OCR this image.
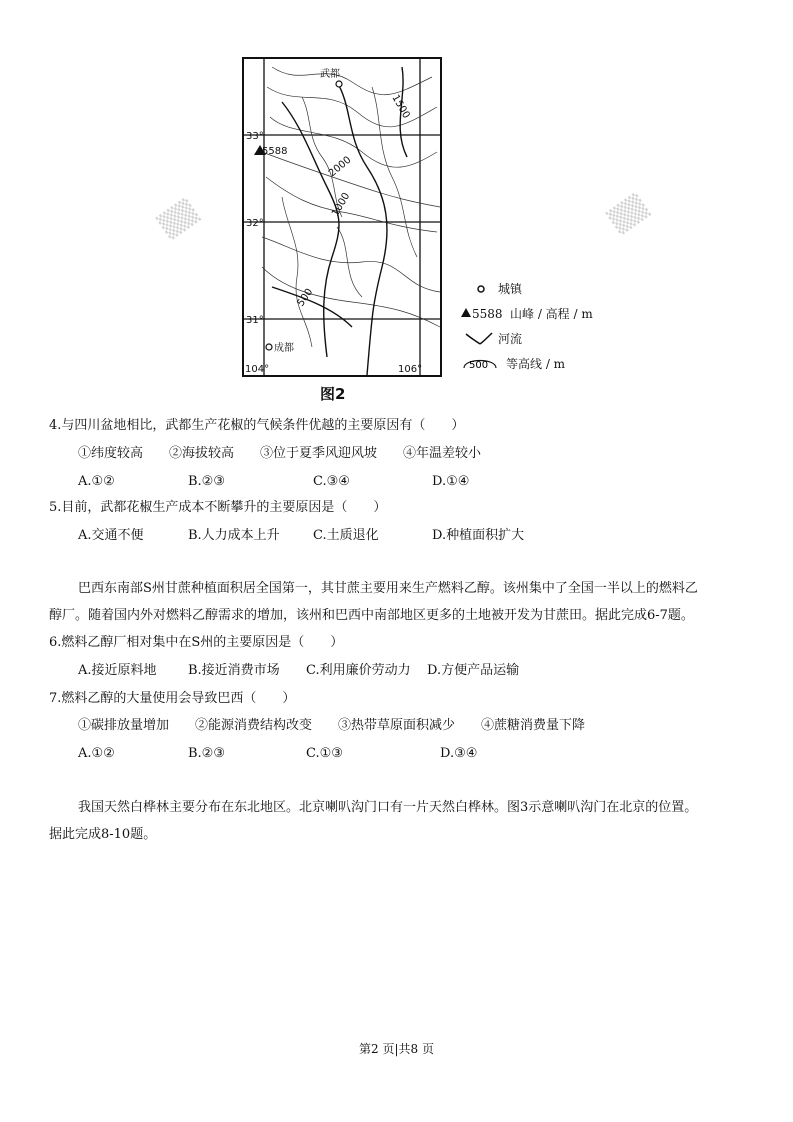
▒▒	▒▒
5588
武都
成都
1500
2000
1000
500
33°
32°
31°
104°	106°
城镇
5588 山峰 / 高程 / m
河流
500 等高线 / m
图2
4.与四川盆地相比，武都生产花椒的气候条件优越的主要原因有（　　）
①纬度较高　　②海拔较高　　③位于夏季风迎风坡　　④年温差较小
A.①②	B.②③	C.③④	D.①④
5.目前，武都花椒生产成本不断攀升的主要原因是（　　）
A.交通不便	B.人力成本上升	C.土质退化	D.种植面积扩大
巴西东南部S州甘蔗种植面积居全国第一，其甘蔗主要用来生产燃料乙醇。该州集中了全国一半以上的燃料乙
醇厂。随着国内外对燃料乙醇需求的增加，该州和巴西中南部地区更多的土地被开发为甘蔗田。据此完成6-7题。
6.燃料乙醇厂相对集中在S州的主要原因是（　　）
A.接近原料地 B.接近消费市场 C.利用廉价劳动力 D.方便产品运输
7.燃料乙醇的大量使用会导致巴西（　　）
①碳排放量增加　　②能源消费结构改变　　③热带草原面积减少　　④蔗糖消费量下降
A.①②	B.②③	C.①③	D.③④
我国天然白桦林主要分布在东北地区。北京喇叭沟门口有一片天然白桦林。图3示意喇叭沟门在北京的位置。
据此完成8-10题。
第2 页|共8 页
